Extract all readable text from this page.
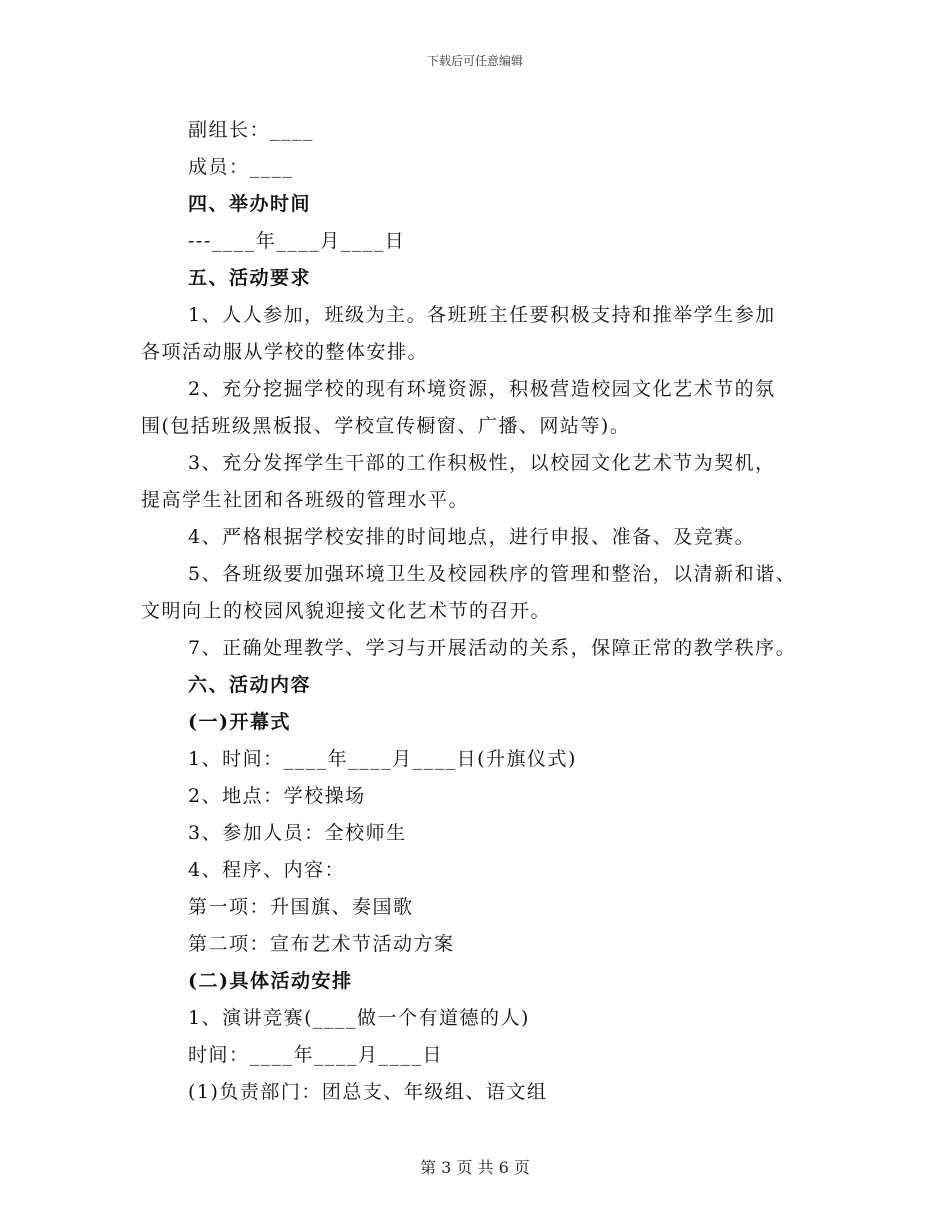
下载后可任意编辑
副组长：____
成员：____
四、举办时间
---____年____月____日
五、活动要求
1、人人参加，班级为主。各班班主任要积极支持和推举学生参加
各项活动服从学校的整体安排。
2、充分挖掘学校的现有环境资源，积极营造校园文化艺术节的氛
围(包括班级黑板报、学校宣传橱窗、广播、网站等)。
3、充分发挥学生干部的工作积极性，以校园文化艺术节为契机，
提高学生社团和各班级的管理水平。
4、严格根据学校安排的时间地点，进行申报、准备、及竞赛。
5、各班级要加强环境卫生及校园秩序的管理和整治，以清新和谐、
文明向上的校园风貌迎接文化艺术节的召开。
7、正确处理教学、学习与开展活动的关系，保障正常的教学秩序。
六、活动内容
(一)开幕式
1、时间：____年____月____日(升旗仪式)
2、地点：学校操场
3、参加人员：全校师生
4、程序、内容：
第一项：升国旗、奏国歌
第二项：宣布艺术节活动方案
(二)具体活动安排
1、演讲竞赛(____做一个有道德的人)
时间：____年____月____日
(1)负责部门：团总支、年级组、语文组
第 3 页 共 6 页
